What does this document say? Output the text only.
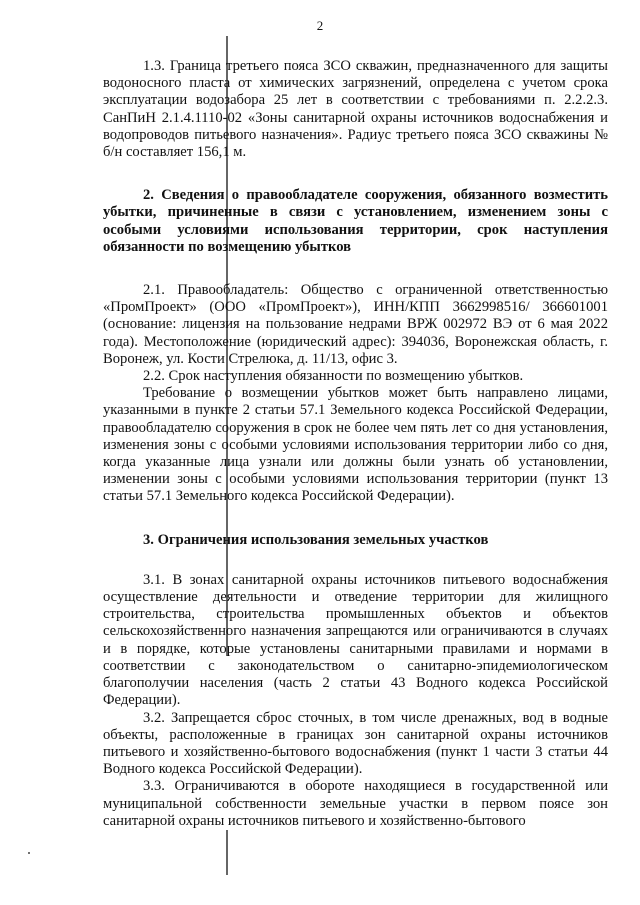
2

1.3. Граница третьего пояса ЗСО скважин, предназначенного для защиты водоносного пласта от химических загрязнений, определена с учетом срока эксплуатации водозабора 25 лет в соответствии с требованиями п. 2.2.2.3. СанПиН 2.1.4.1110-02 «Зоны санитарной охраны источников водоснабжения и водопроводов питьевого назначения». Радиус третьего пояса ЗСО скважины № б/н составляет 156,1 м.

2. Сведения о правообладателе сооружения, обязанного возместить убытки, причиненные в связи с установлением, изменением зоны с особыми условиями использования территории, срок наступления обязанности по возмещению убытков

2.1. Правообладатель: Общество с ограниченной ответственностью «ПромПроект» (ООО «ПромПроект»), ИНН/КПП 3662998516/ 366601001 (основание: лицензия на пользование недрами ВРЖ 002972 ВЭ от 6 мая 2022 года). Местоположение (юридический адрес): 394036, Воронежская область, г. Воронеж, ул. Кости Стрелюка, д. 11/13, офис 3.

2.2. Срок наступления обязанности по возмещению убытков.

Требование о возмещении убытков может быть направлено лицами, указанными в пункте 2 статьи 57.1 Земельного кодекса Российской Федерации, правообладателю сооружения в срок не более чем пять лет со дня установления, изменения зоны с особыми условиями использования территории либо со дня, когда указанные лица узнали или должны были узнать об установлении, изменении зоны с особыми условиями использования территории (пункт 13 статьи 57.1 Земельного кодекса Российской Федерации).

3. Ограничения использования земельных участков

3.1. В зонах санитарной охраны источников питьевого водоснабжения осуществление деятельности и отведение территории для жилищного строительства, строительства промышленных объектов и объектов сельскохозяйственного назначения запрещаются или ограничиваются в случаях и в порядке, которые установлены санитарными правилами и нормами в соответствии с законодательством о санитарно-эпидемиологическом благополучии населения (часть 2 статьи 43 Водного кодекса Российской Федерации).

3.2. Запрещается сброс сточных, в том числе дренажных, вод в водные объекты, расположенные в границах зон санитарной охраны источников питьевого и хозяйственно-бытового водоснабжения (пункт 1 части 3 статьи 44 Водного кодекса Российской Федерации).

3.3. Ограничиваются в обороте находящиеся в государственной или муниципальной собственности земельные участки в первом поясе зон санитарной охраны источников питьевого и хозяйственно-бытового
